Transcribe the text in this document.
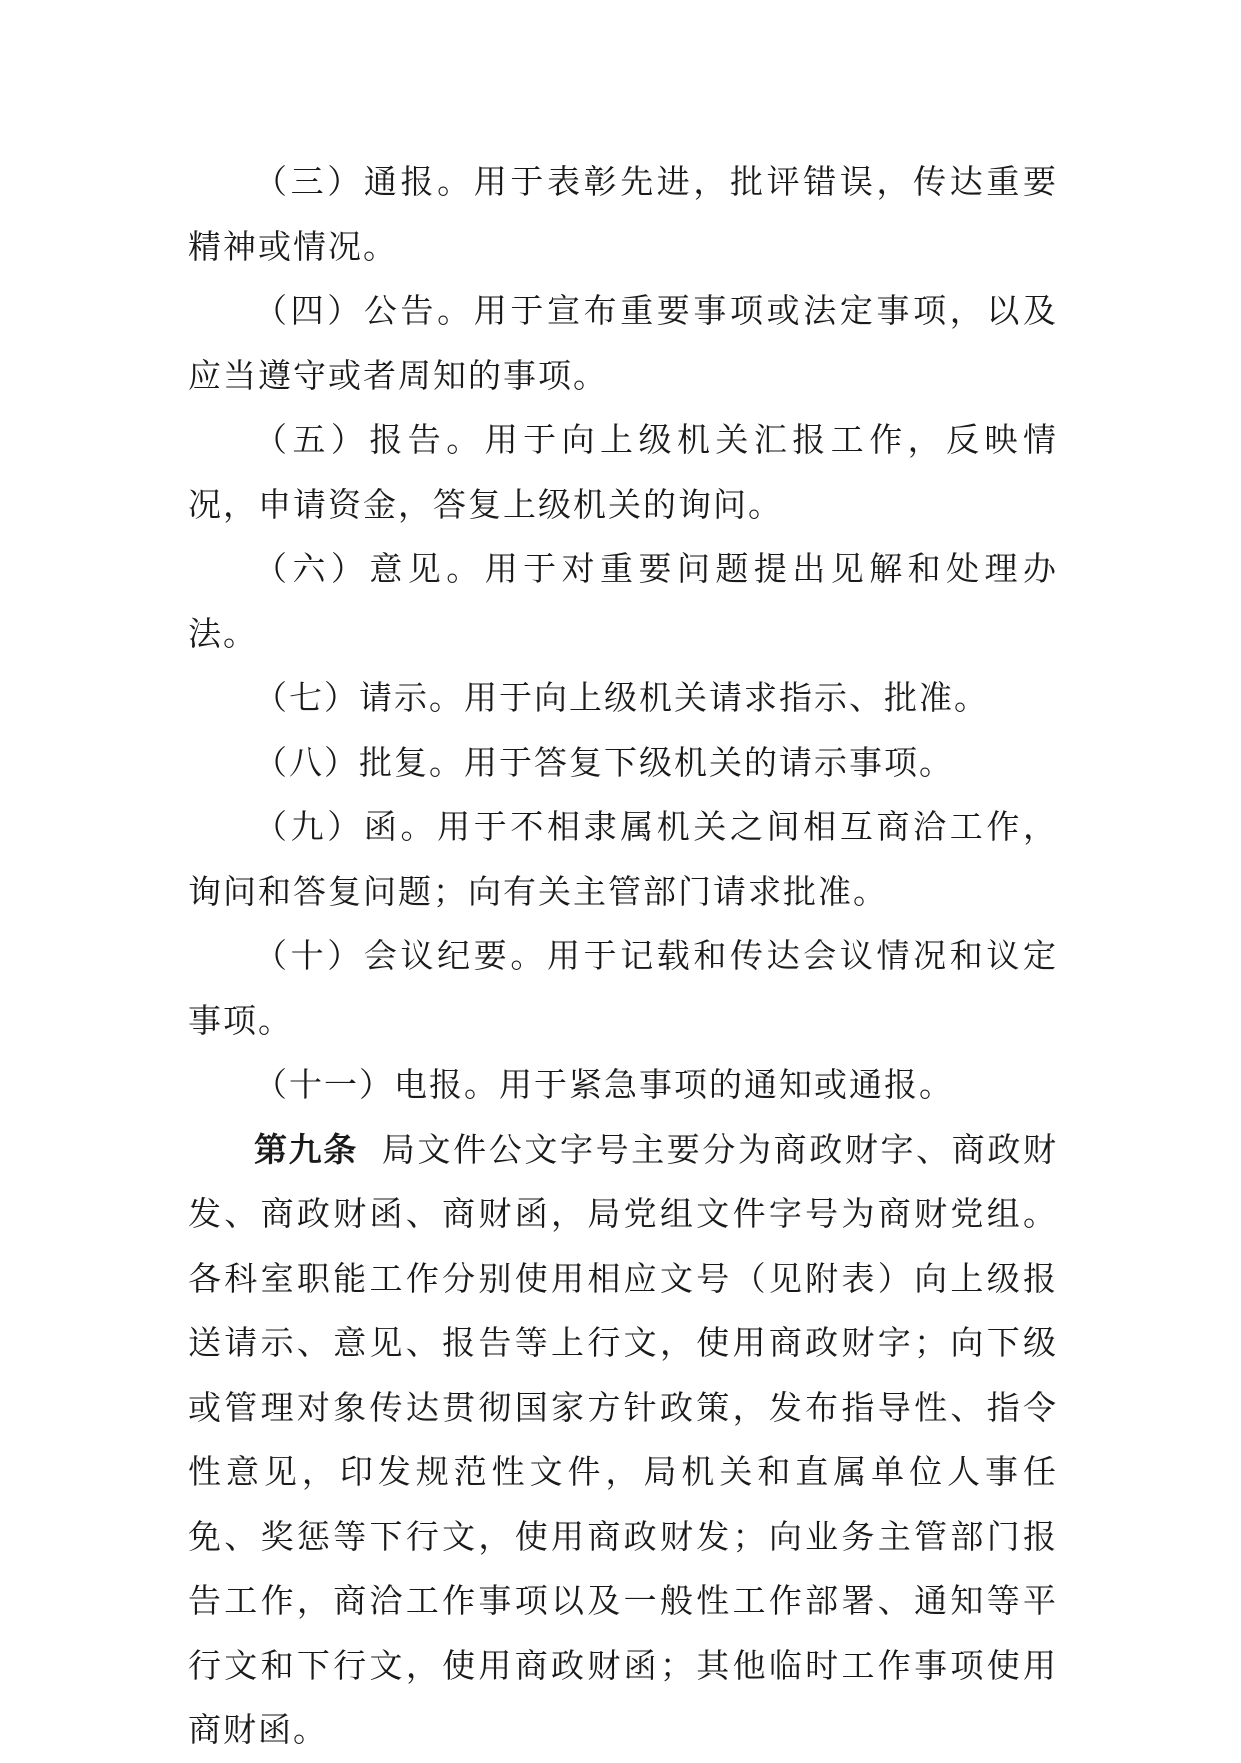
（三）通报。用于表彰先进，批评错误，传达重要精神或情况。

（四）公告。用于宣布重要事项或法定事项，以及应当遵守或者周知的事项。

（五）报告。用于向上级机关汇报工作，反映情况，申请资金，答复上级机关的询问。

（六）意见。用于对重要问题提出见解和处理办法。

（七）请示。用于向上级机关请求指示、批准。

（八）批复。用于答复下级机关的请示事项。

（九）函。用于不相隶属机关之间相互商洽工作，询问和答复问题；向有关主管部门请求批准。

（十）会议纪要。用于记载和传达会议情况和议定事项。

（十一）电报。用于紧急事项的通知或通报。

第九条 局文件公文字号主要分为商政财字、商政财发、商政财函、商财函，局党组文件字号为商财党组。各科室职能工作分别使用相应文号（见附表）向上级报送请示、意见、报告等上行文，使用商政财字；向下级或管理对象传达贯彻国家方针政策，发布指导性、指令性意见，印发规范性文件，局机关和直属单位人事任免、奖惩等下行文，使用商政财发；向业务主管部门报告工作，商洽工作事项以及一般性工作部署、通知等平行文和下行文，使用商政财函；其他临时工作事项使用商财函。
